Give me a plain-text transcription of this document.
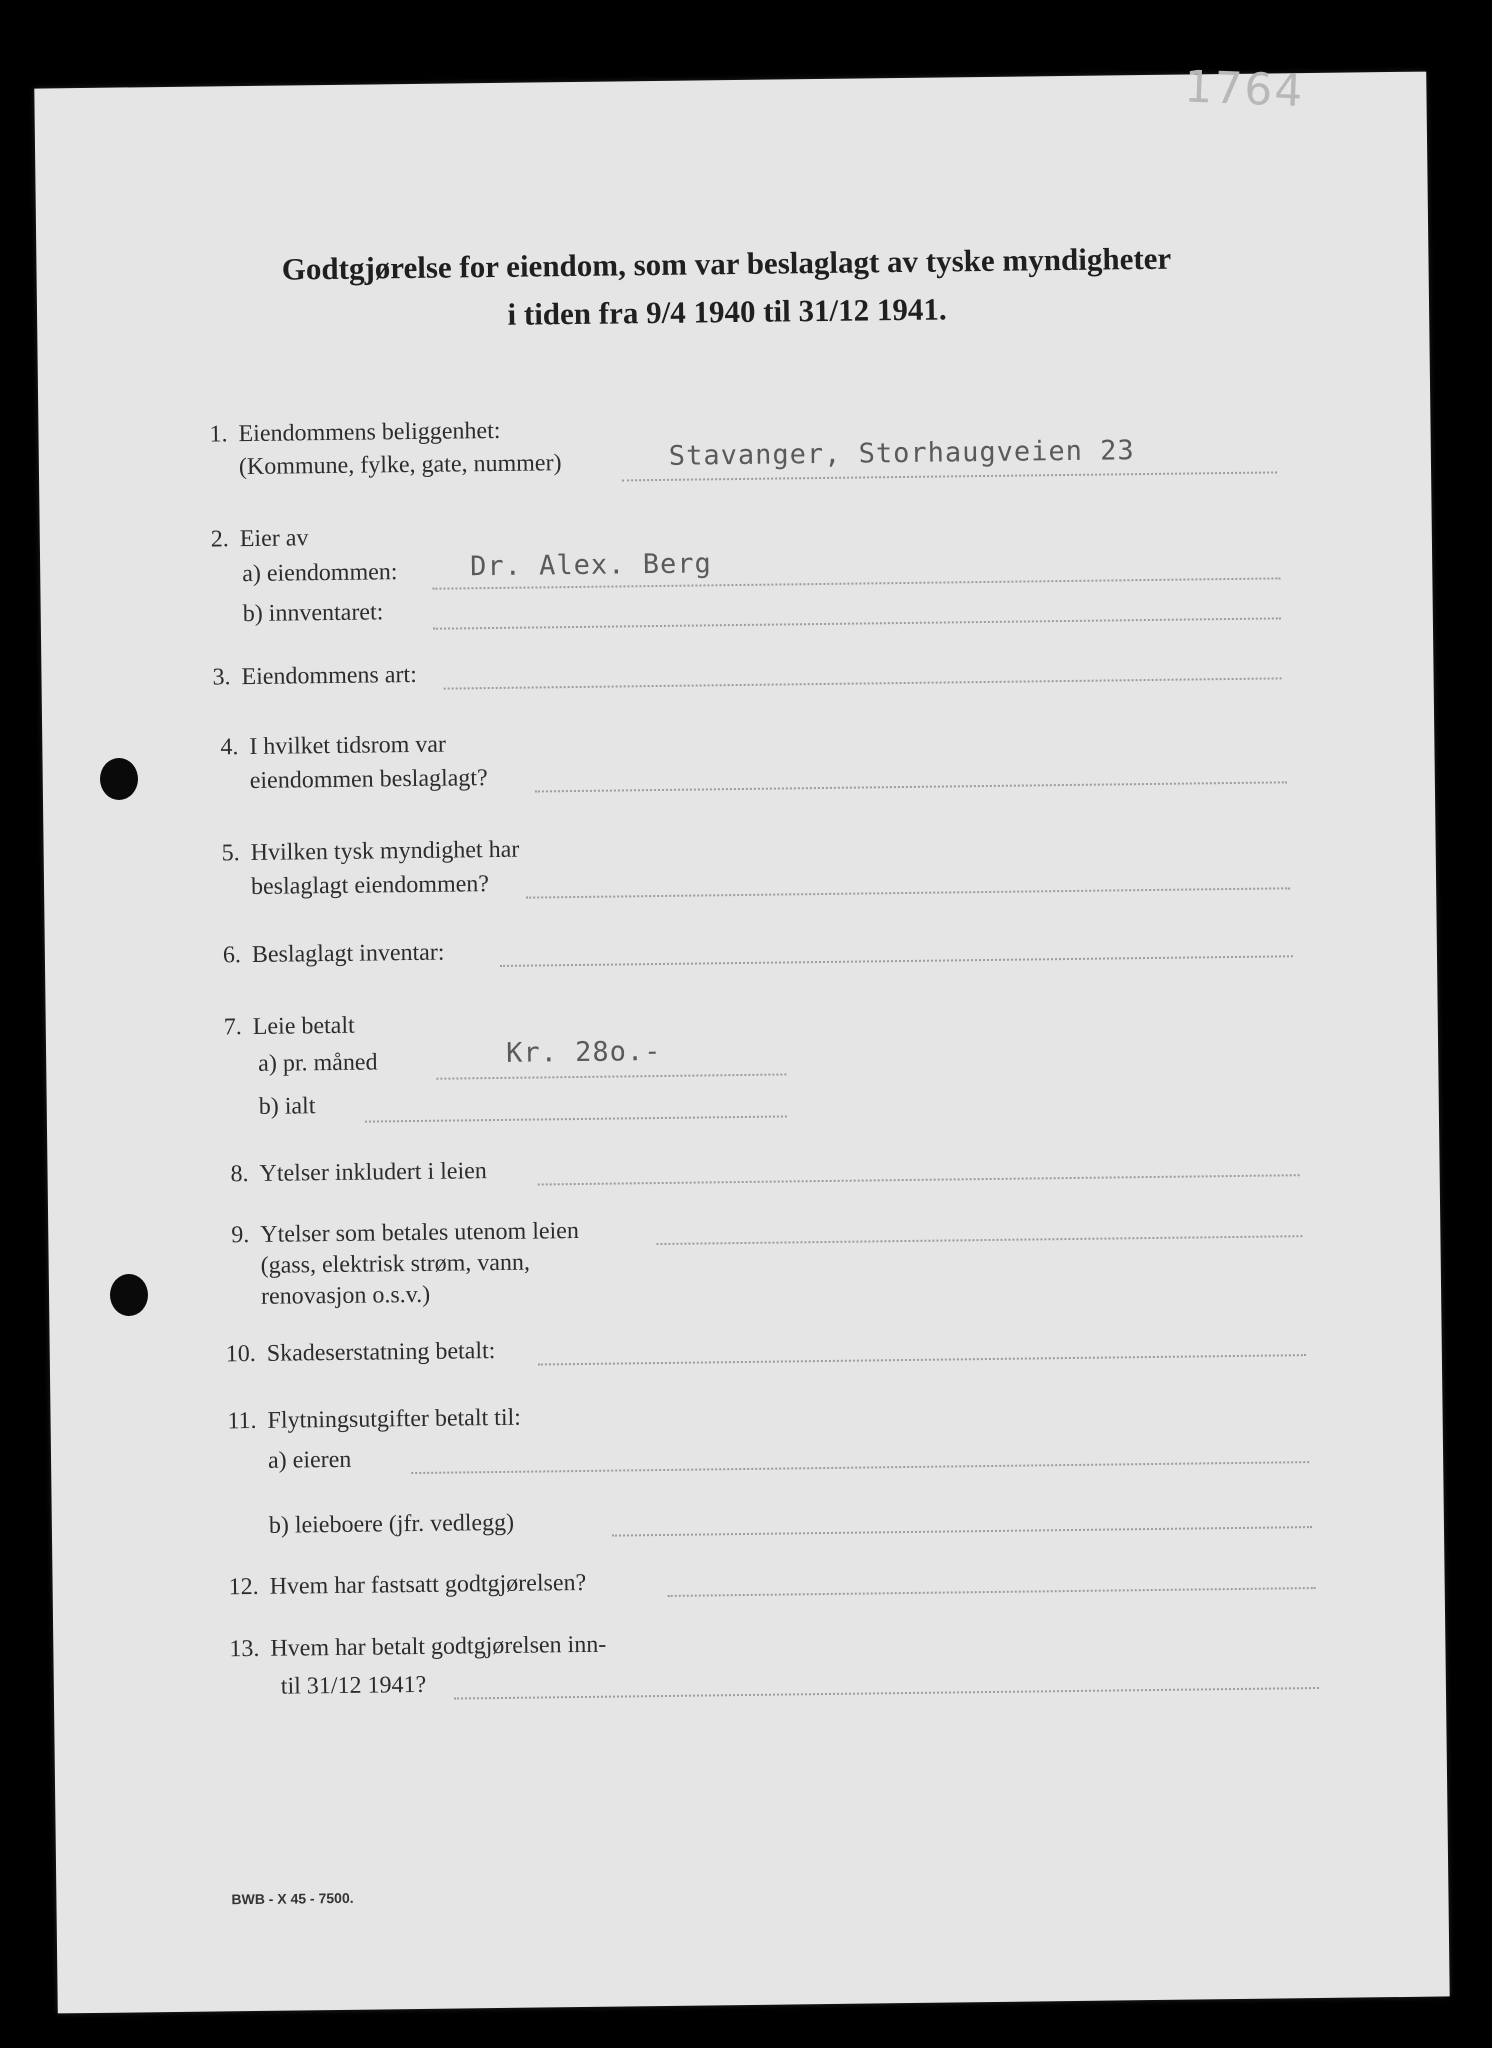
1764
Godtgjørelse for eiendom, som var beslaglagt av tyske myndigheter
i tiden fra 9/4 1940 til 31/12 1941.
1. Eiendommens beliggenhet:
(Kommune, fylke, gate, nummer)	Stavanger, Storhaugveien 23
2. Eier av
a) eiendommen:	Dr. Alex. Berg
b) innventaret:
3. Eiendommens art:
4. I hvilket tidsrom var
eiendommen beslaglagt?
5. Hvilken tysk myndighet har
beslaglagt eiendommen?
6. Beslaglagt inventar:
7. Leie betalt
a) pr. måned	Kr. 28o.-
b) ialt
8. Ytelser inkludert i leien
9. Ytelser som betales utenom leien
(gass, elektrisk strøm, vann,
renovasjon o.s.v.)
10. Skadeserstatning betalt:
11. Flytningsutgifter betalt til:
a) eieren
b) leieboere (jfr. vedlegg)
12. Hvem har fastsatt godtgjørelsen?
13. Hvem har betalt godtgjørelsen inn-
til 31/12 1941?
BWB - X 45 - 7500.
